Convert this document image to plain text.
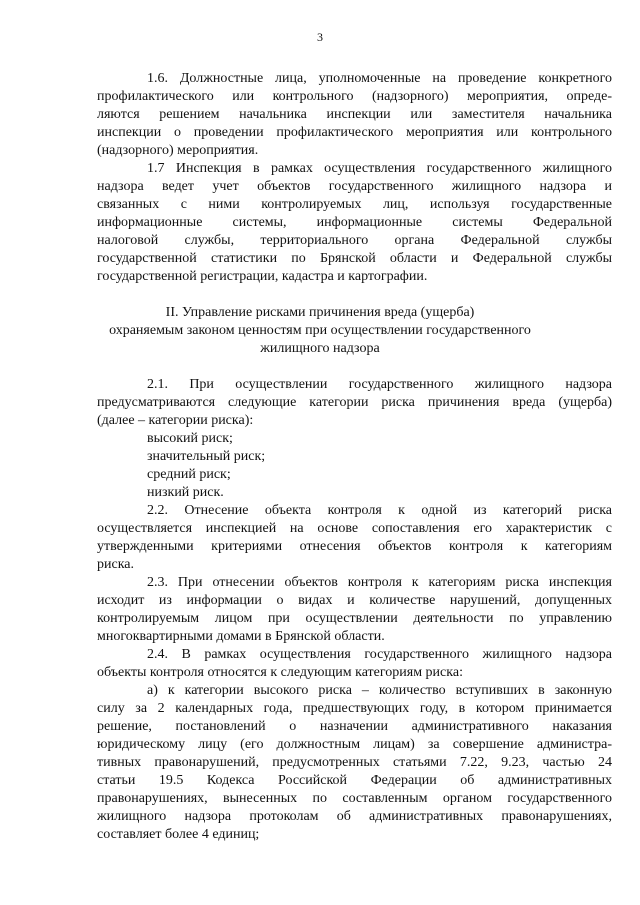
3
1.6. Должностные лица, уполномоченные на проведение конкретного
профилактического или контрольного (надзорного) мероприятия, опреде-
ляются решением начальника инспекции или заместителя начальника
инспекции о проведении профилактического мероприятия или контрольного
(надзорного) мероприятия.
1.7 Инспекция в рамках осуществления государственного жилищного
надзора ведет учет объектов государственного жилищного надзора и
связанных с ними контролируемых лиц, используя государственные
информационные системы, информационные системы Федеральной
налоговой службы, территориального органа Федеральной службы
государственной статистики по Брянской области и Федеральной службы
государственной регистрации, кадастра и картографии.
II. Управление рисками причинения вреда (ущерба)
охраняемым законом ценностям при осуществлении государственного
жилищного надзора
2.1. При осуществлении государственного жилищного надзора
предусматриваются следующие категории риска причинения вреда (ущерба)
(далее – категории риска):
высокий риск;
значительный риск;
средний риск;
низкий риск.
2.2. Отнесение объекта контроля к одной из категорий риска
осуществляется инспекцией на основе сопоставления его характеристик с
утвержденными критериями отнесения объектов контроля к категориям
риска.
2.3. При отнесении объектов контроля к категориям риска инспекция
исходит из информации о видах и количестве нарушений, допущенных
контролируемым лицом при осуществлении деятельности по управлению
многоквартирными домами в Брянской области.
2.4. В рамках осуществления государственного жилищного надзора
объекты контроля относятся к следующим категориям риска:
а) к категории высокого риска – количество вступивших в законную
силу за 2 календарных года, предшествующих году, в котором принимается
решение, постановлений о назначении административного наказания
юридическому лицу (его должностным лицам) за совершение администра-
тивных правонарушений, предусмотренных статьями 7.22, 9.23, частью 24
статьи 19.5 Кодекса Российской Федерации об административных
правонарушениях, вынесенных по составленным органом государственного
жилищного надзора протоколам об административных правонарушениях,
составляет более 4 единиц;
